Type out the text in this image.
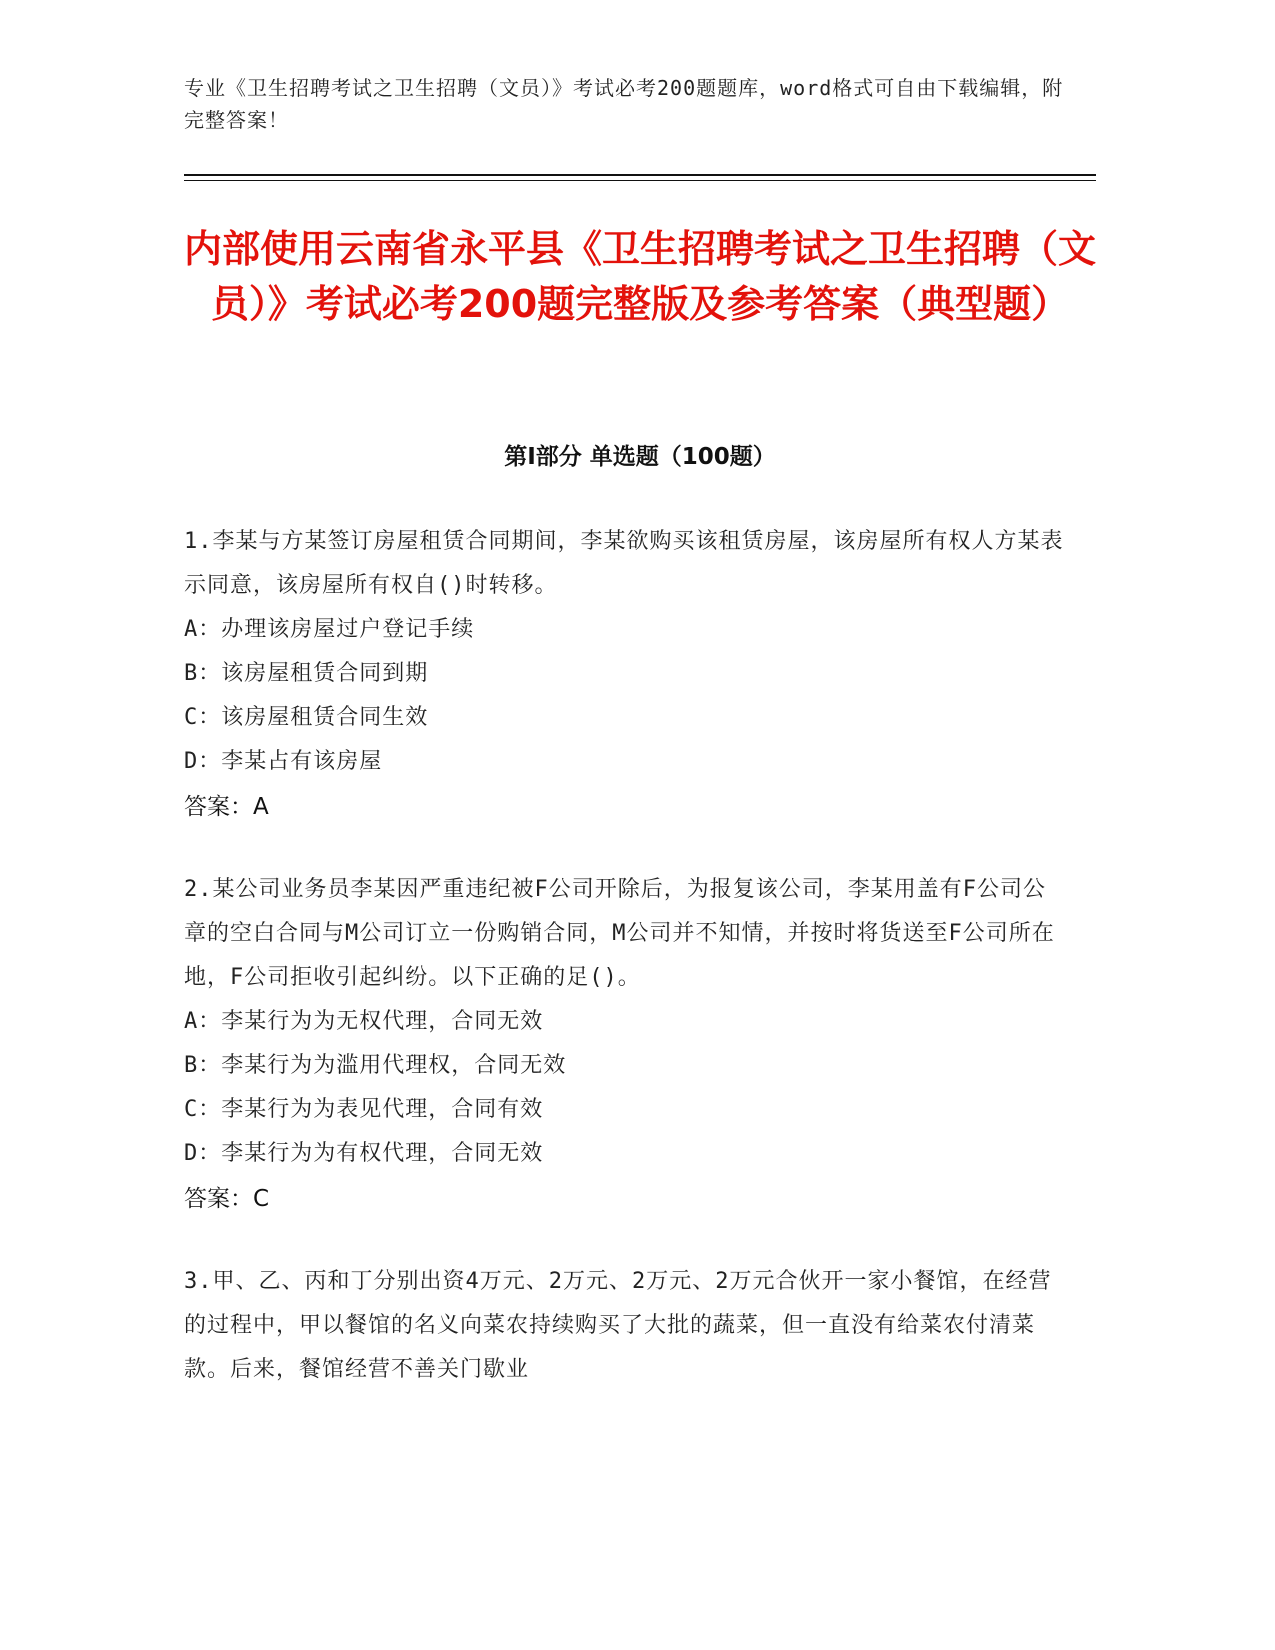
专业《卫生招聘考试之卫生招聘（文员）》考试必考200题题库，word格式可自由下载编辑，附完整答案！
内部使用云南省永平县《卫生招聘考试之卫生招聘（文员）》考试必考200题完整版及参考答案（典型题）
第Ⅰ部分 单选题（100题）
1.李某与方某签订房屋租赁合同期间，李某欲购买该租赁房屋，该房屋所有权人方某表示同意，该房屋所有权自()时转移。
A：办理该房屋过户登记手续
B：该房屋租赁合同到期
C：该房屋租赁合同生效
D：李某占有该房屋
答案：A
2.某公司业务员李某因严重违纪被F公司开除后，为报复该公司，李某用盖有F公司公章的空白合同与M公司订立一份购销合同，M公司并不知情，并按时将货送至F公司所在地，F公司拒收引起纠纷。以下正确的足()。
A：李某行为为无权代理，合同无效
B：李某行为为滥用代理权，合同无效
C：李某行为为表见代理，合同有效
D：李某行为为有权代理，合同无效
答案：C
3.甲、乙、丙和丁分别出资4万元、2万元、2万元、2万元合伙开一家小餐馆，在经营的过程中，甲以餐馆的名义向菜农持续购买了大批的蔬菜，但一直没有给菜农付清菜款。后来，餐馆经营不善关门歇业
